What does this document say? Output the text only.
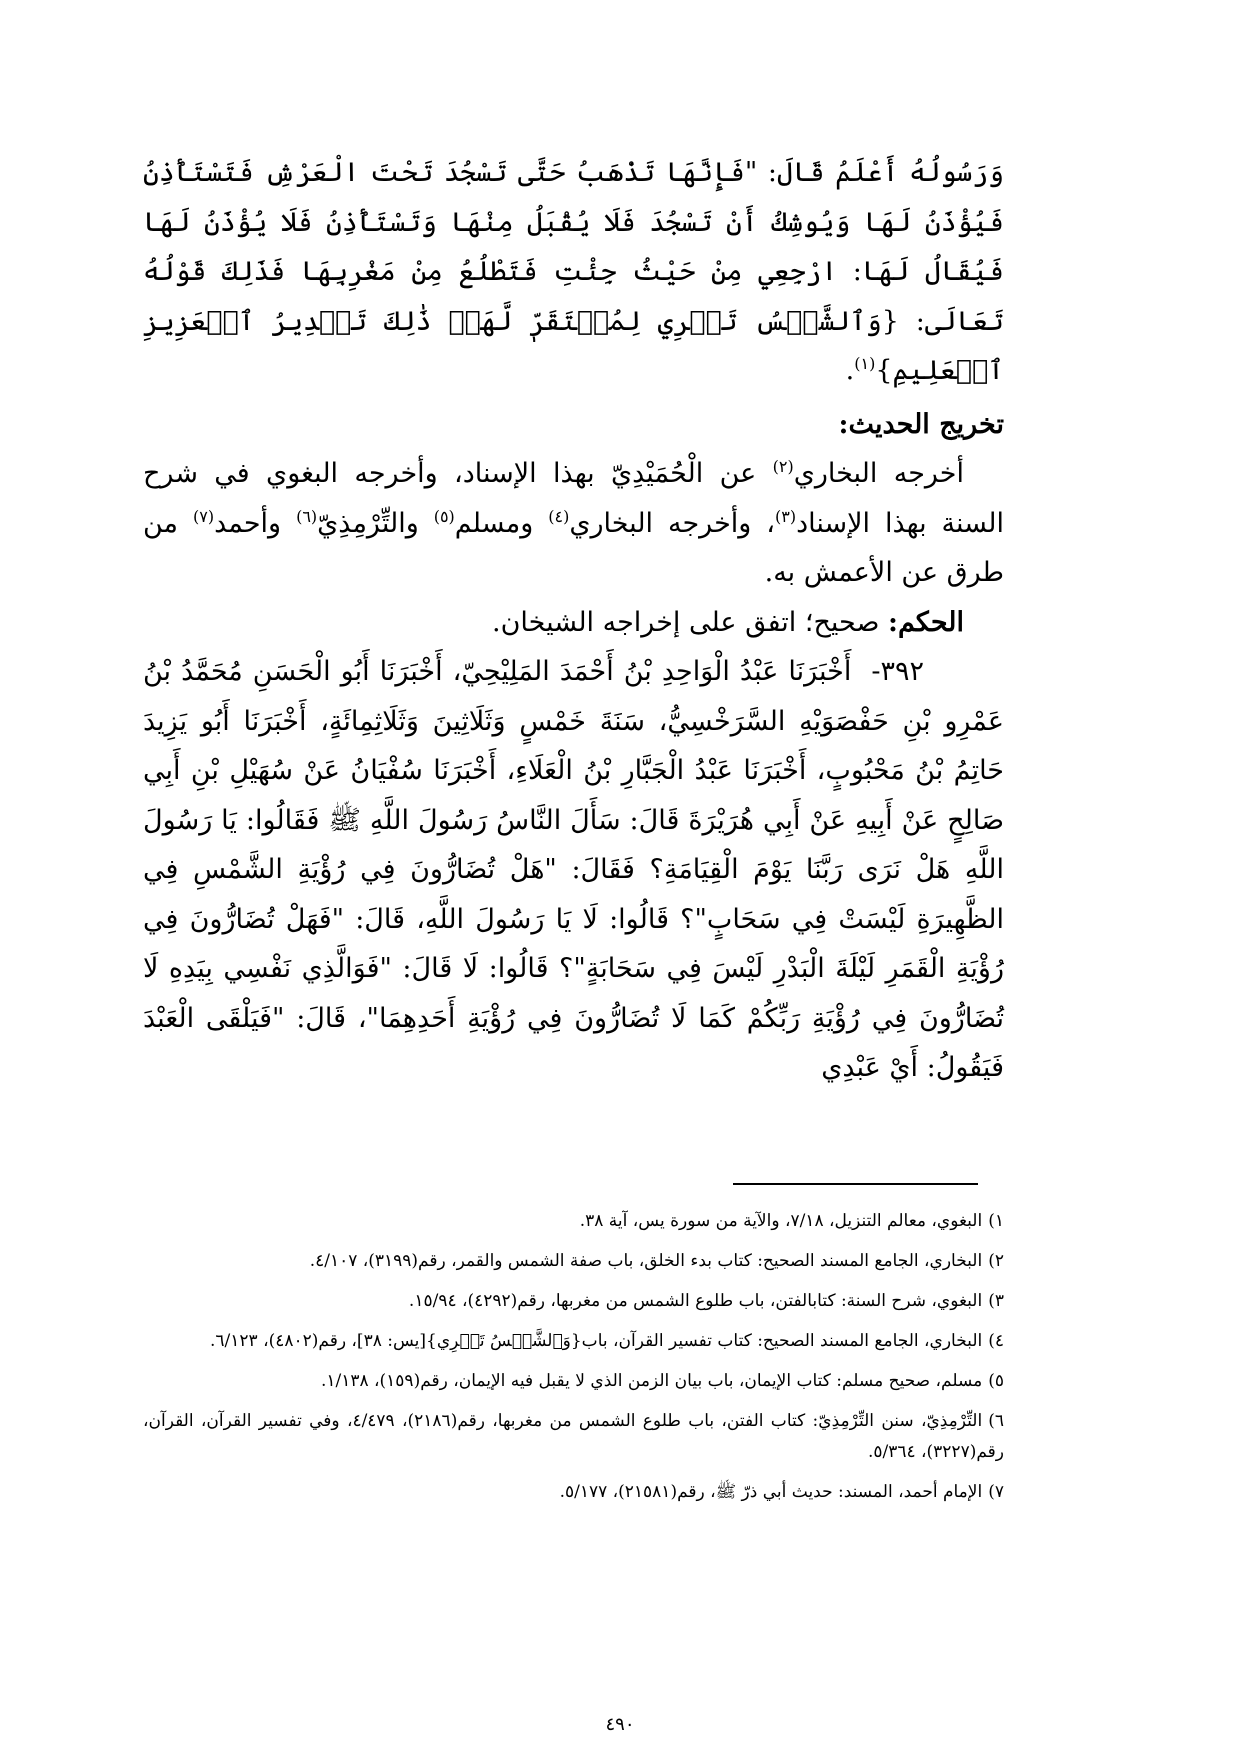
وَرَسُولُهُ أَعْلَمُ قَالَ: "فَإِنَّهَا تَذْهَبُ حَتَّى تَسْجُدَ تَحْتَ الْعَرْشِ فَتَسْتَأْذِنُ فَيُؤْذَنُ لَهَا وَيُوشِكُ أَنْ تَسْجُدَ فَلَا يُقْبَلُ مِنْهَا وَتَسْتَأْذِنُ فَلَا يُؤْذَنُ لَهَا فَيُقَالُ لَهَا: ارْجِعِي مِنْ حَيْثُ جِئْتِ فَتَطْلُعُ مِنْ مَغْرِبِهَا فَذَلِكَ قَوْلُهُ تَعَالَى: {وَٱلشَّمۡسُ تَجۡرِي لِمُسۡتَقَرّٖ لَّهَاۚ ذَٰلِكَ تَقۡدِيرُ ٱلۡعَزِيزِ ٱلۡعَلِيمِ}$^{(١)}$.

تخريج الحديث:

أخرجه البخاري$^{(٢)}$ عن الْحُمَيْدِيّ بهذا الإسناد، وأخرجه البغوي في شرح السنة بهذا الإسناد$^{(٣)}$، وأخرجه البخاري$^{(٤)}$ ومسلم$^{(٥)}$ والتِّرْمِذِيّ$^{(٦)}$ وأحمد$^{(٧)}$ من طرق عن الأعمش به.

الحكم: صحيح؛ اتفق على إخراجه الشيخان.

٣٩٢-أَخْبَرَنَا عَبْدُ الْوَاحِدِ بْنُ أَحْمَدَ المَلِيْحِيّ، أَخْبَرَنَا أَبُو الْحَسَنِ مُحَمَّدُ بْنُ عَمْرِو بْنِ حَفْصَوَيْهِ السَّرَخْسِيُّ، سَنَةَ خَمْسٍ وَثَلَاثِينَ وَثَلَاثِمِائَةٍ، أَخْبَرَنَا أَبُو يَزِيدَ حَاتِمُ بْنُ مَحْبُوبٍ، أَخْبَرَنَا عَبْدُ الْجَبَّارِ بْنُ الْعَلَاءِ، أَخْبَرَنَا سُفْيَانُ عَنْ سُهَيْلِ بْنِ أَبِي صَالِحٍ عَنْ أَبِيهِ عَنْ أَبِي هُرَيْرَةَ قَالَ: سَأَلَ النَّاسُ رَسُولَ اللَّهِ ﷺ فَقَالُوا: يَا رَسُولَ اللَّهِ هَلْ نَرَى رَبَّنَا يَوْمَ الْقِيَامَةِ؟ فَقَالَ: "هَلْ تُضَارُّونَ فِي رُؤْيَةِ الشَّمْسِ فِي الظَّهِيرَةِ لَيْسَتْ فِي سَحَابٍ"؟ قَالُوا: لَا يَا رَسُولَ اللَّهِ، قَالَ: "فَهَلْ تُضَارُّونَ فِي رُؤْيَةِ الْقَمَرِ لَيْلَةَ الْبَدْرِ لَيْسَ فِي سَحَابَةٍ"؟ قَالُوا: لَا قَالَ: "فَوَالَّذِي نَفْسِي بِيَدِهِ لَا تُضَارُّونَ فِي رُؤْيَةِ رَبِّكُمْ كَمَا لَا تُضَارُّونَ فِي رُؤْيَةِ أَحَدِهِمَا"، قَالَ: "فَيَلْقَى الْعَبْدَ فَيَقُولُ: أَيْ عَبْدِي

١)البغوي، معالم التنزيل، ٧/١٨، والآية من سورة يس، آية ٣٨.

٢)البخاري، الجامع المسند الصحيح: كتاب بدء الخلق، باب صفة الشمس والقمر، رقم(٣١٩٩)، ٤/١٠٧.

٣)البغوي، شرح السنة: كتابالفتن، باب طلوع الشمس من مغربها، رقم(٤٢٩٢)، ١٥/٩٤.

٤)البخاري، الجامع المسند الصحيح: كتاب تفسير القرآن، باب{وَٱلشَّمۡسُ تَجۡرِي}[يس: ٣٨]، رقم(٤٨٠٢)، ٦/١٢٣.

٥)مسلم، صحيح مسلم: كتاب الإيمان، باب بيان الزمن الذي لا يقبل فيه الإيمان، رقم(١٥٩)، ١/١٣٨.

٦)التِّرْمِذِيّ، سنن التِّرْمِذِيّ: كتاب الفتن، باب طلوع الشمس من مغربها، رقم(٢١٨٦)، ٤/٤٧٩، وفي تفسير القرآن، القرآن، رقم(٣٢٢٧)، ٥/٣٦٤.

٧)الإمام أحمد، المسند: حديث أبي ذرّ ﷺ، رقم(٢١٥٨١)، ٥/١٧٧.

٤٩٠
